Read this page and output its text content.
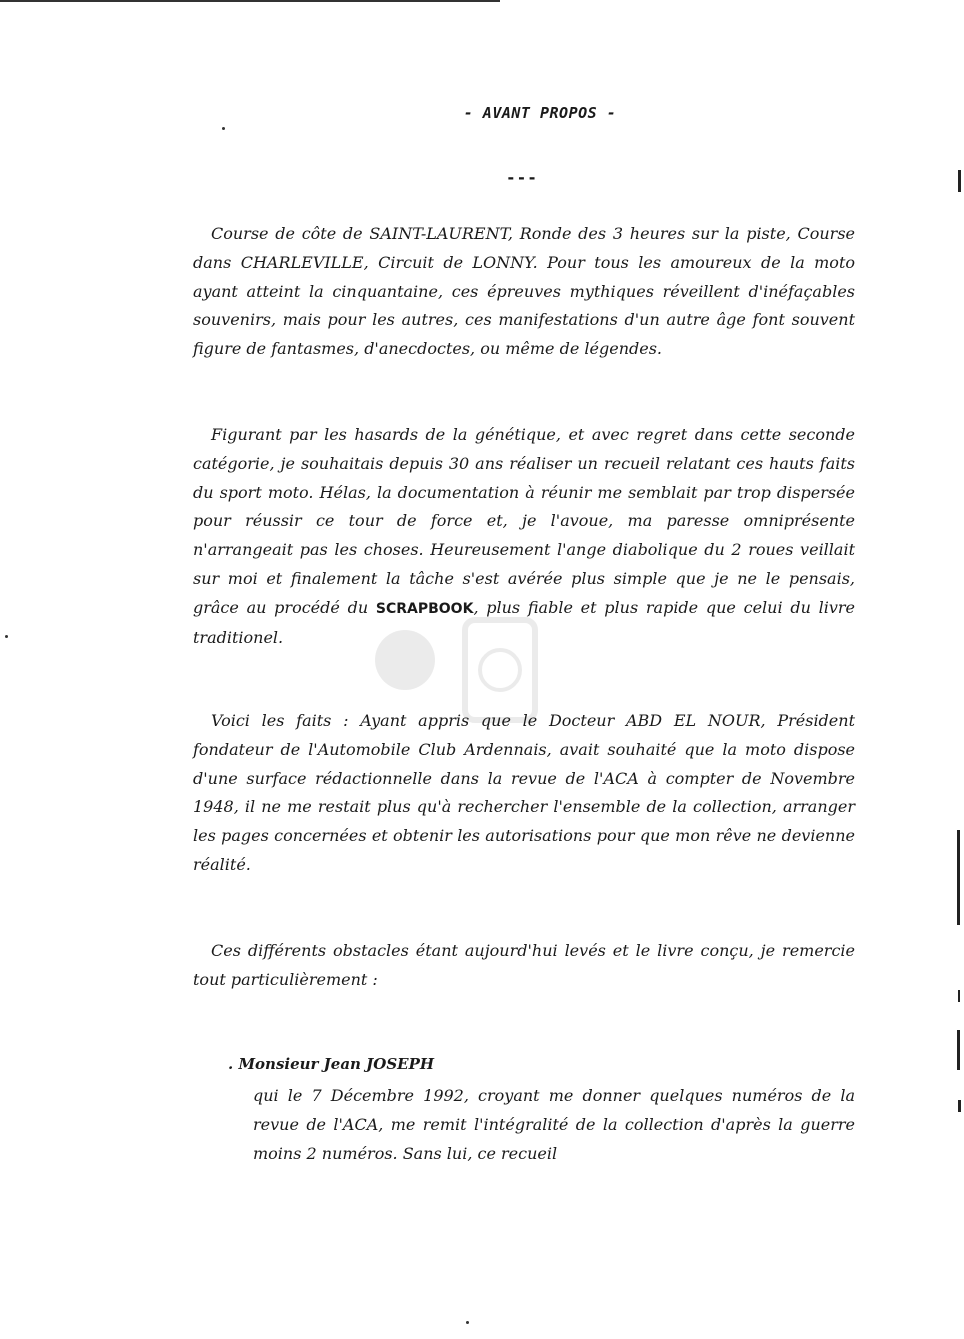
- AVANT PROPOS -
---

Course de côte de SAINT-LAURENT, Ronde des 3 heures sur la piste, Course dans CHARLEVILLE, Circuit de LONNY. Pour tous les amoureux de la moto ayant atteint la cinquantaine, ces épreuves mythiques réveillent d'inéfaçables souvenirs, mais pour les autres, ces manifestations d'un autre âge font souvent figure de fantasmes, d'anecdoctes, ou même de légendes.

Figurant par les hasards de la génétique, et avec regret dans cette seconde catégorie, je souhaitais depuis 30 ans réaliser un recueil relatant ces hauts faits du sport moto. Hélas, la documentation à réunir me semblait par trop dispersée pour réussir ce tour de force et, je l'avoue, ma paresse omniprésente n'arrangeait pas les choses. Heureusement l'ange diabolique du 2 roues veillait sur moi et finalement la tâche s'est avérée plus simple que je ne le pensais, grâce au procédé du SCRAPBOOK, plus fiable et plus rapide que celui du livre traditionel.

Voici les faits : Ayant appris que le Docteur ABD EL NOUR, Président fondateur de l'Automobile Club Ardennais, avait souhaité que la moto dispose d'une surface rédactionnelle dans la revue de l'ACA à compter de Novembre 1948, il ne me restait plus qu'à rechercher l'ensemble de la collection, arranger les pages concernées et obtenir les autorisations pour que mon rêve ne devienne réalité.

Ces différents obstacles étant aujourd'hui levés et le livre conçu, je remercie tout particulièrement :

. Monsieur Jean JOSEPH

qui le 7 Décembre 1992, croyant me donner quelques numéros de la revue de l'ACA, me remit l'intégralité de la collection d'après la guerre moins 2 numéros. Sans lui, ce recueil
